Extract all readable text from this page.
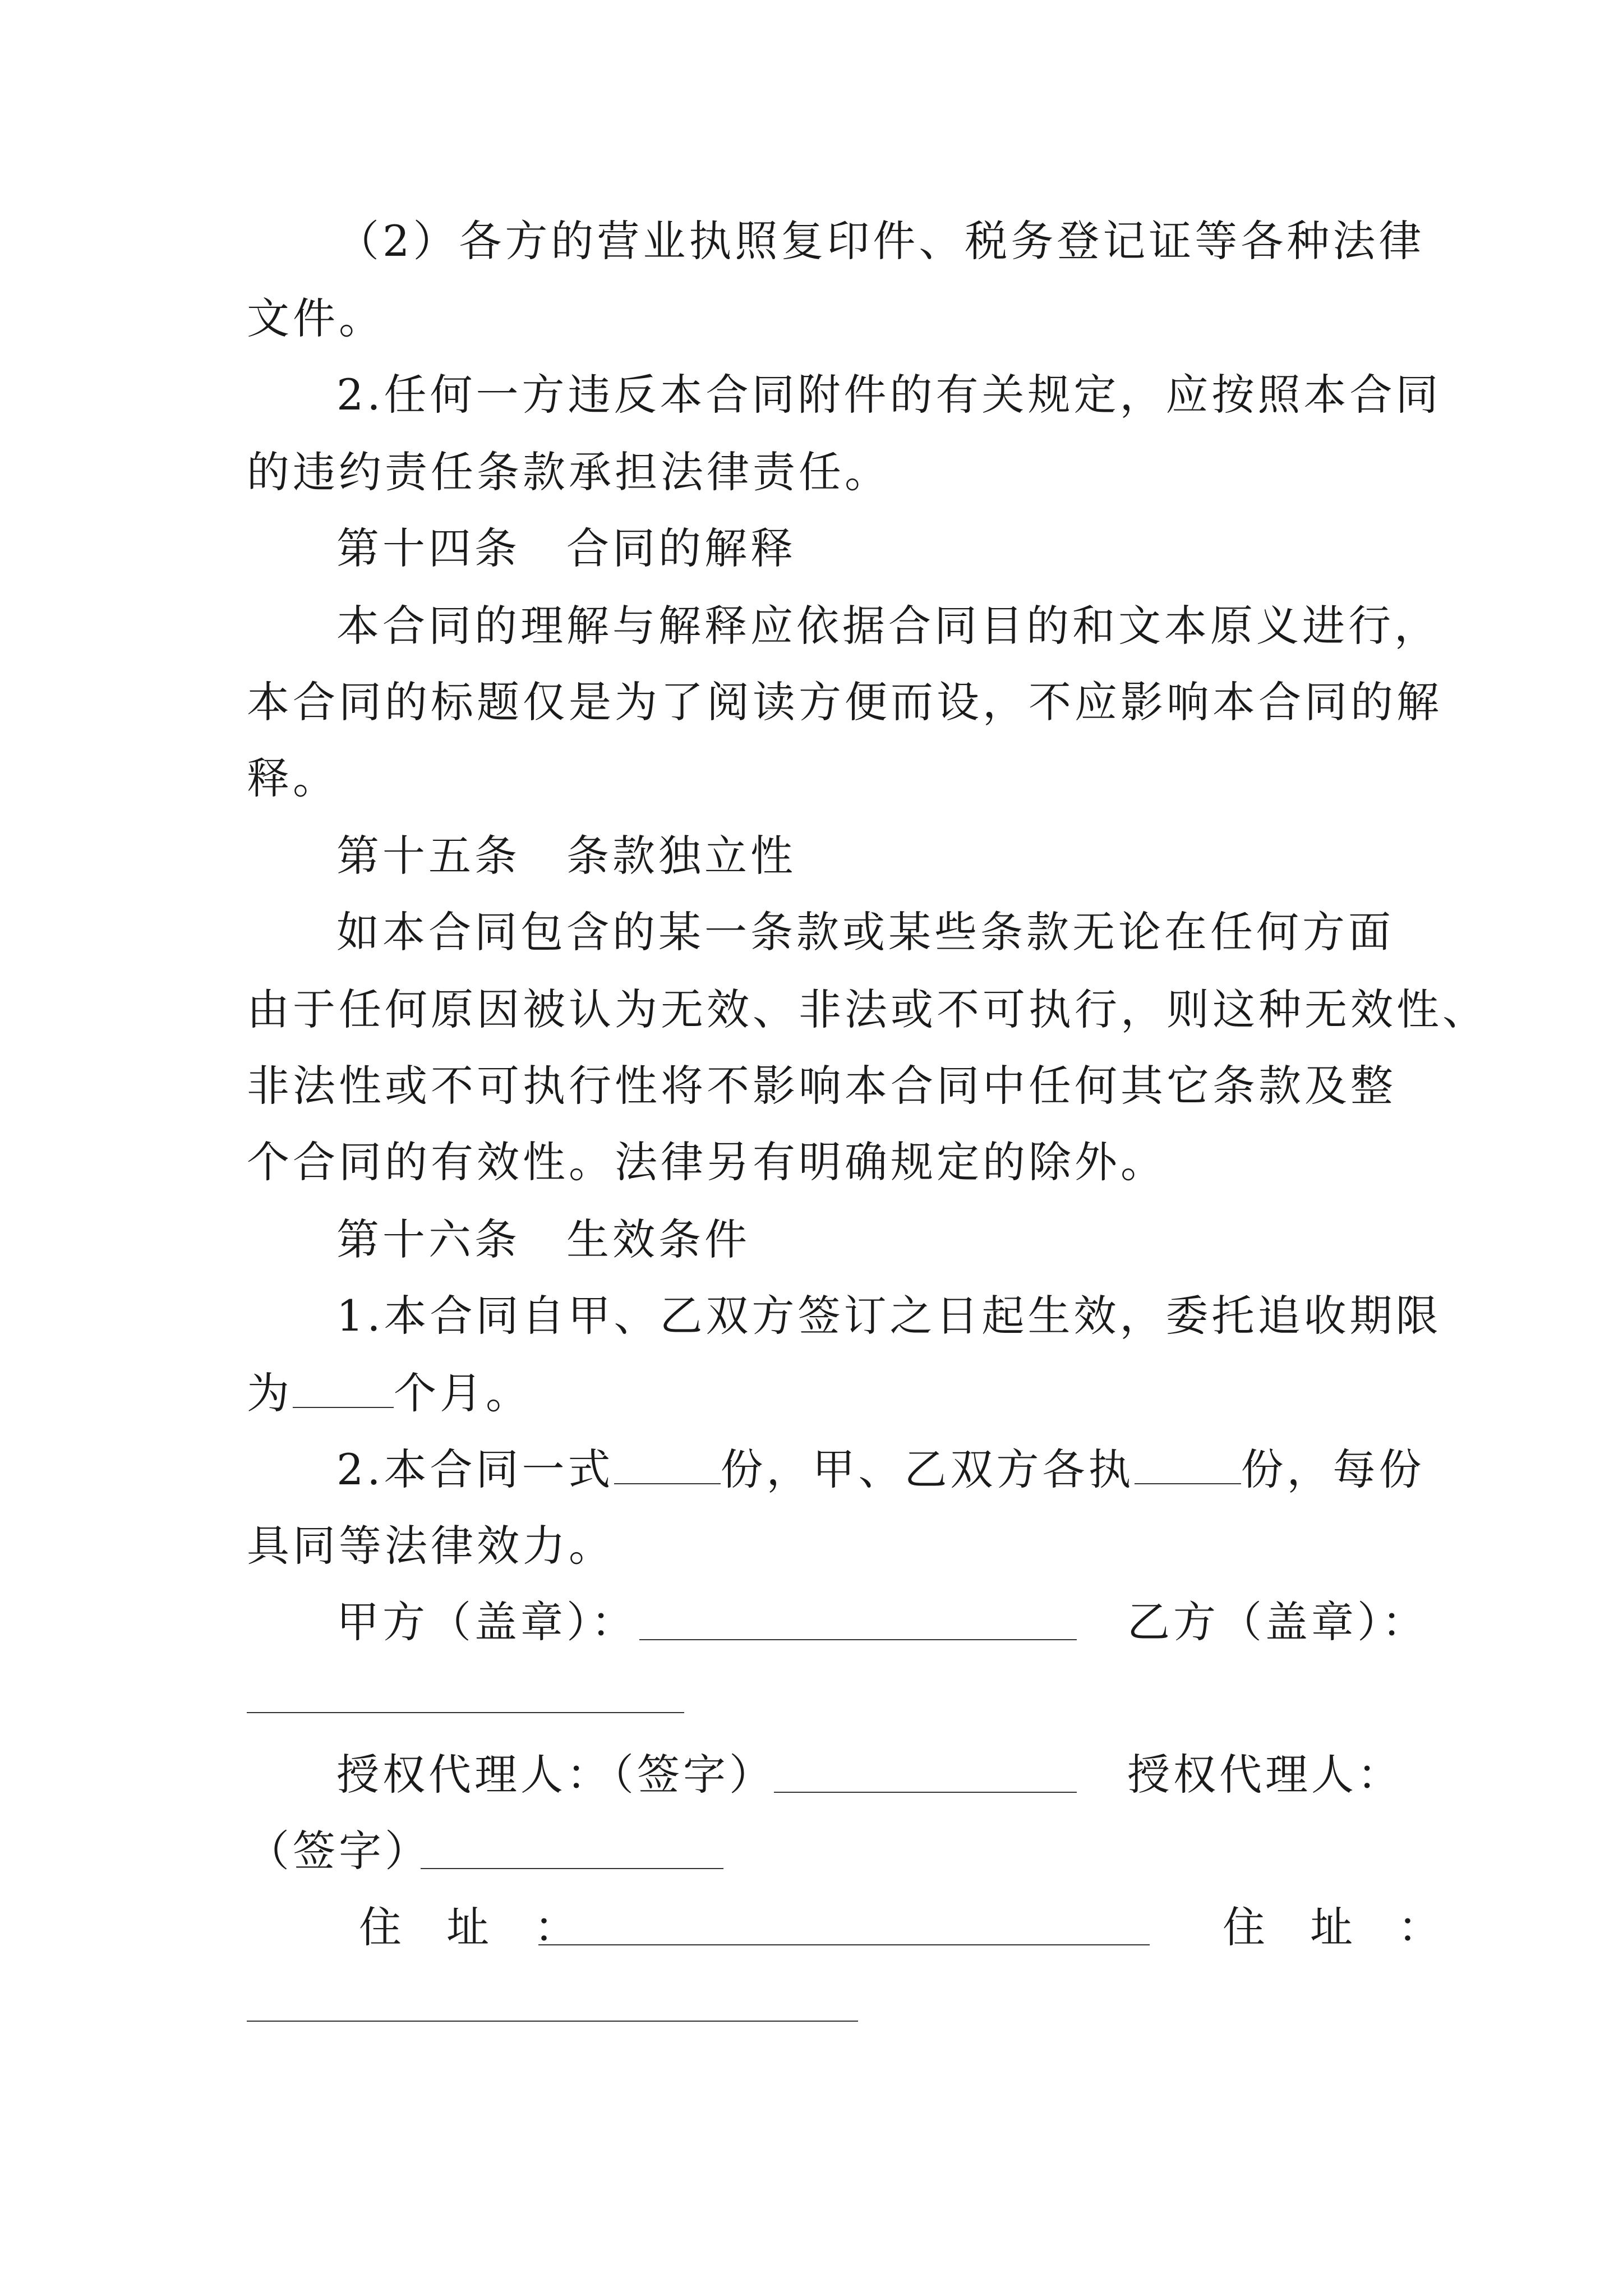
（2）各方的营业执照复印件、税务登记证等各种法律
文件。
2.任何一方违反本合同附件的有关规定，应按照本合同
的违约责任条款承担法律责任。
第十四条 合同的解释
本合同的理解与解释应依据合同目的和文本原义进行，
本合同的标题仅是为了阅读方便而设，不应影响本合同的解
释。
第十五条 条款独立性
如本合同包含的某一条款或某些条款无论在任何方面
由于任何原因被认为无效、非法或不可执行，则这种无效性、
非法性或不可执行性将不影响本合同中任何其它条款及整
个合同的有效性。法律另有明确规定的除外。
第十六条 生效条件
1.本合同自甲、乙双方签订之日起生效，委托追收期限
为 个月。
2.本合同一式	份，甲、乙双方各执	份，每份
具同等法律效力。
甲方（盖章）：	乙方（盖章）：
授权代理人：（签字）	授权代理人：
（签字）
住 址 ：	住 址 ：
